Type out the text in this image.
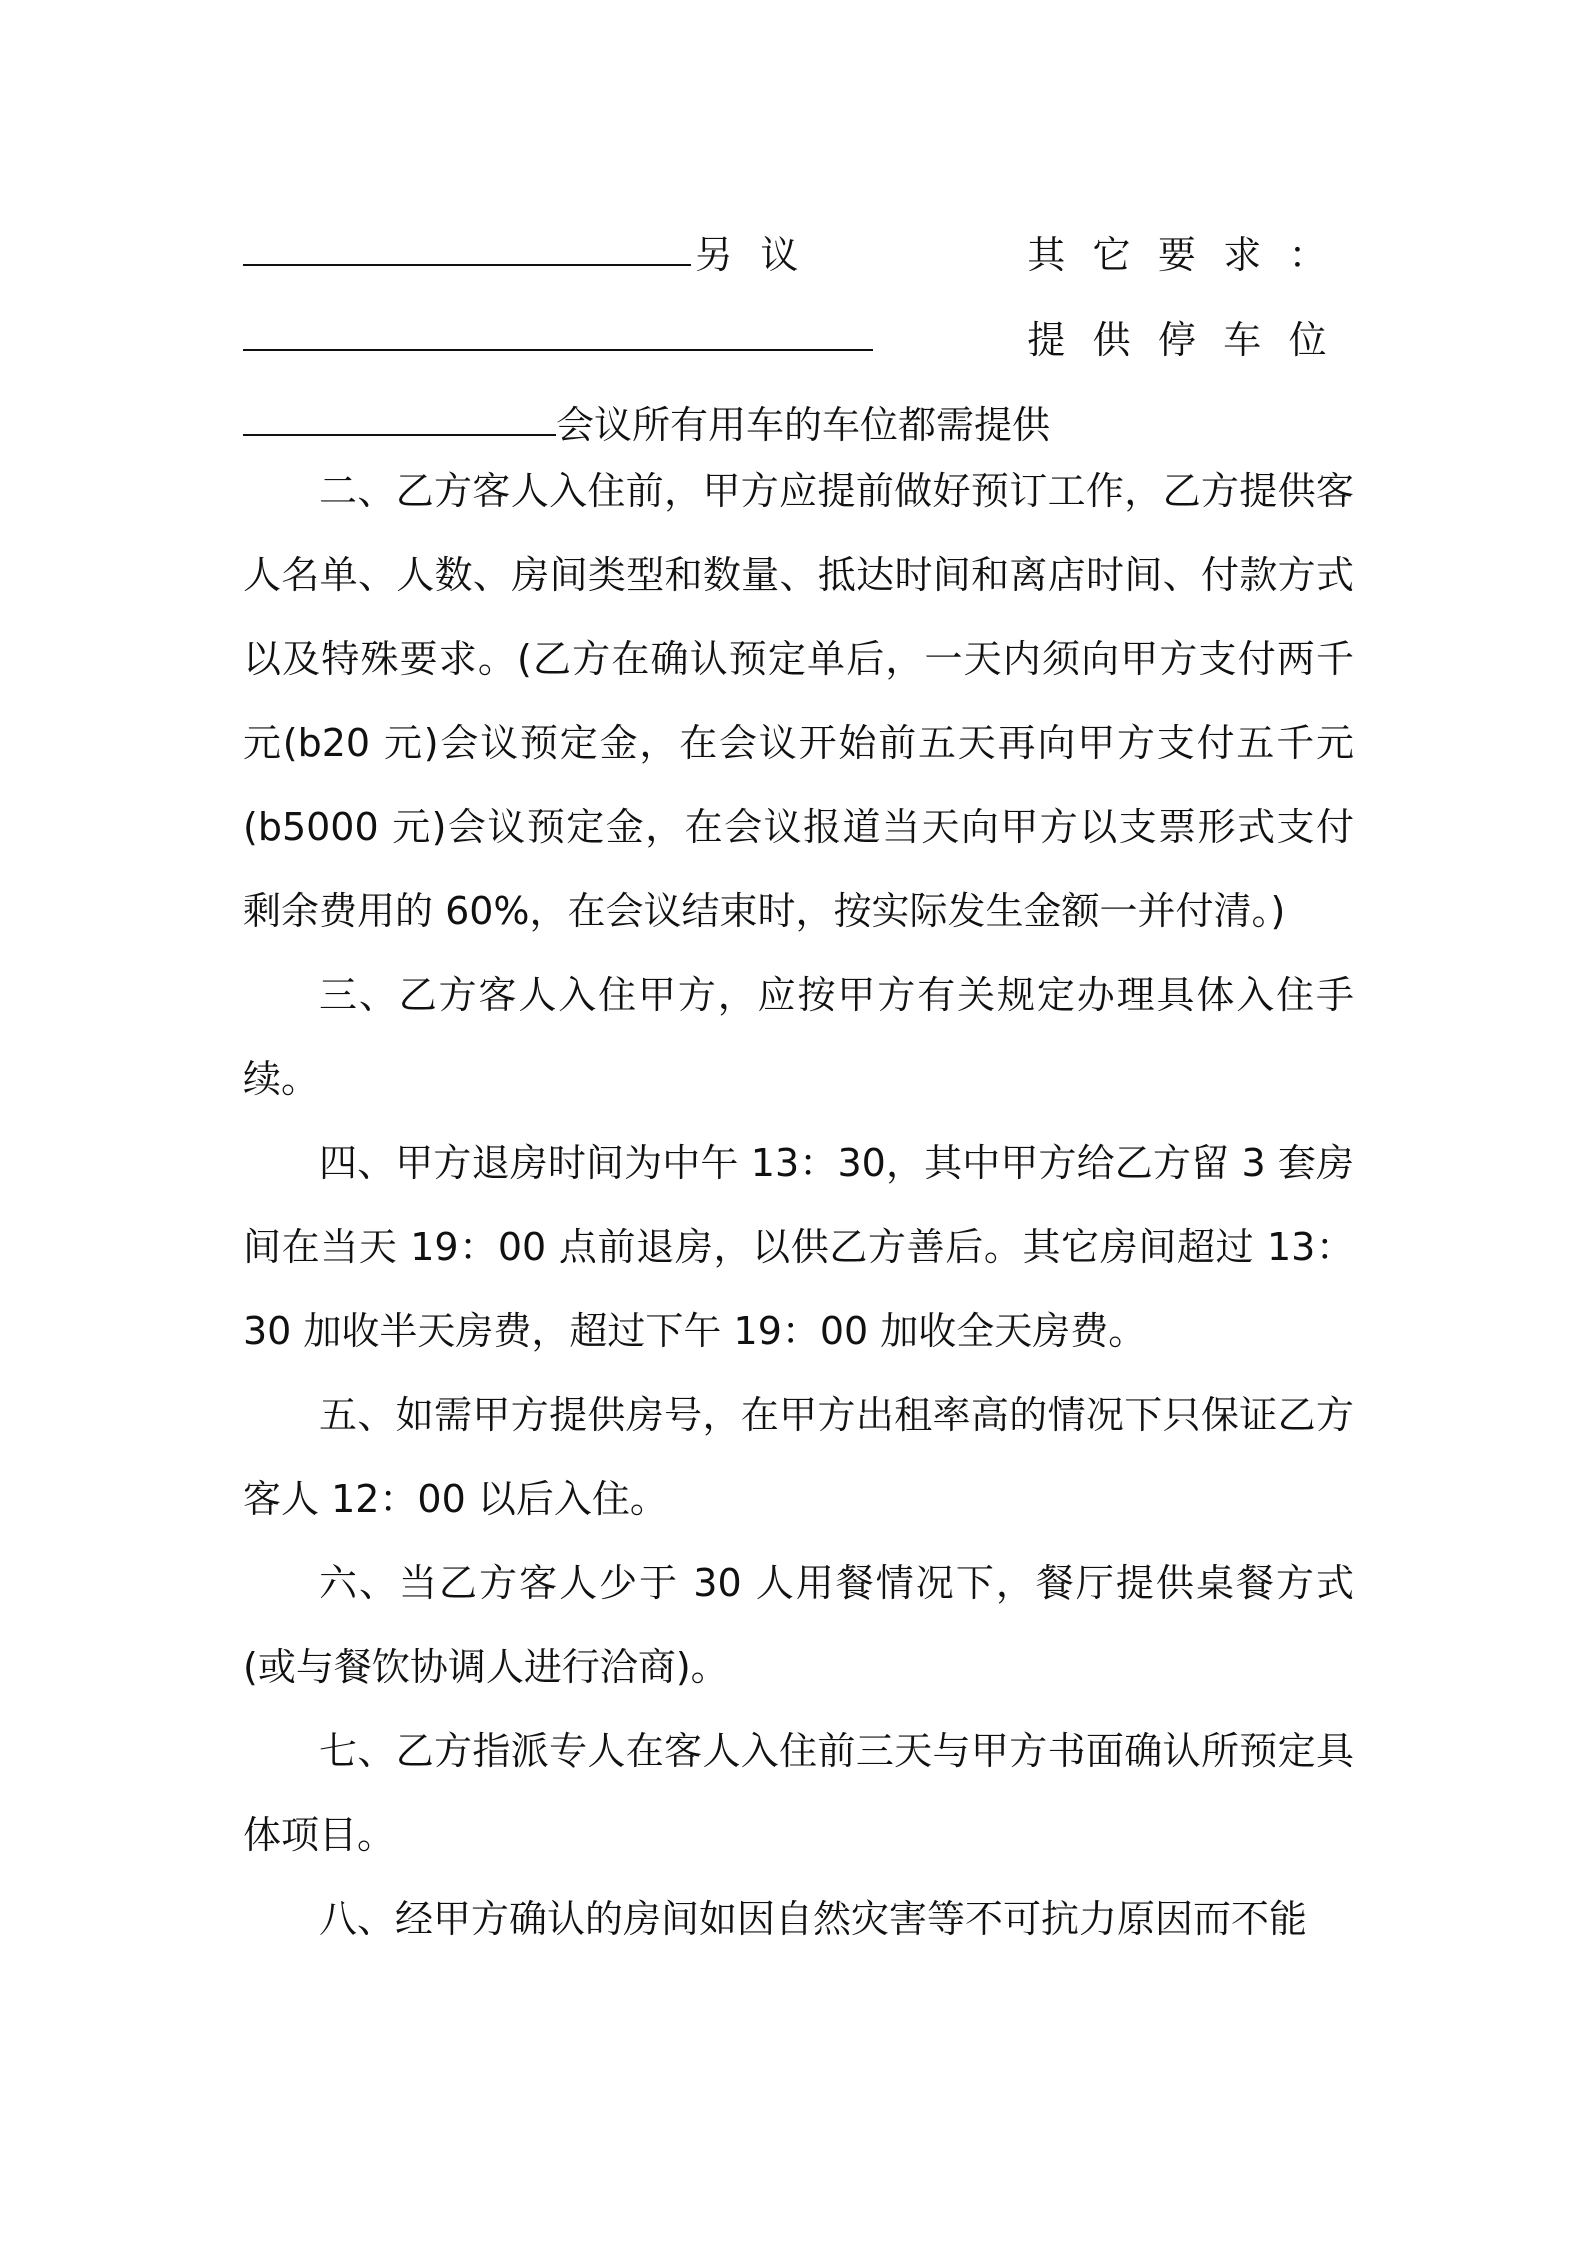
另议	其它要求：
提供停车位
会议所有用车的车位都需提供

二、乙方客人入住前，甲方应提前做好预订工作，乙方提供客人名单、人数、房间类型和数量、抵达时间和离店时间、付款方式以及特殊要求。(乙方在确认预定单后，一天内须向甲方支付两千元(b20 元)会议预定金，在会议开始前五天再向甲方支付五千元(b5000 元)会议预定金，在会议报道当天向甲方以支票形式支付剩余费用的 60%，在会议结束时，按实际发生金额一并付清。)

三、乙方客人入住甲方，应按甲方有关规定办理具体入住手续。

四、甲方退房时间为中午 13：30，其中甲方给乙方留 3 套房间在当天 19：00 点前退房，以供乙方善后。其它房间超过 13：30 加收半天房费，超过下午 19：00 加收全天房费。

五、如需甲方提供房号，在甲方出租率高的情况下只保证乙方客人 12：00 以后入住。

六、当乙方客人少于 30 人用餐情况下，餐厅提供桌餐方式(或与餐饮协调人进行洽商)。

七、乙方指派专人在客人入住前三天与甲方书面确认所预定具体项目。

八、经甲方确认的房间如因自然灾害等不可抗力原因而不能
